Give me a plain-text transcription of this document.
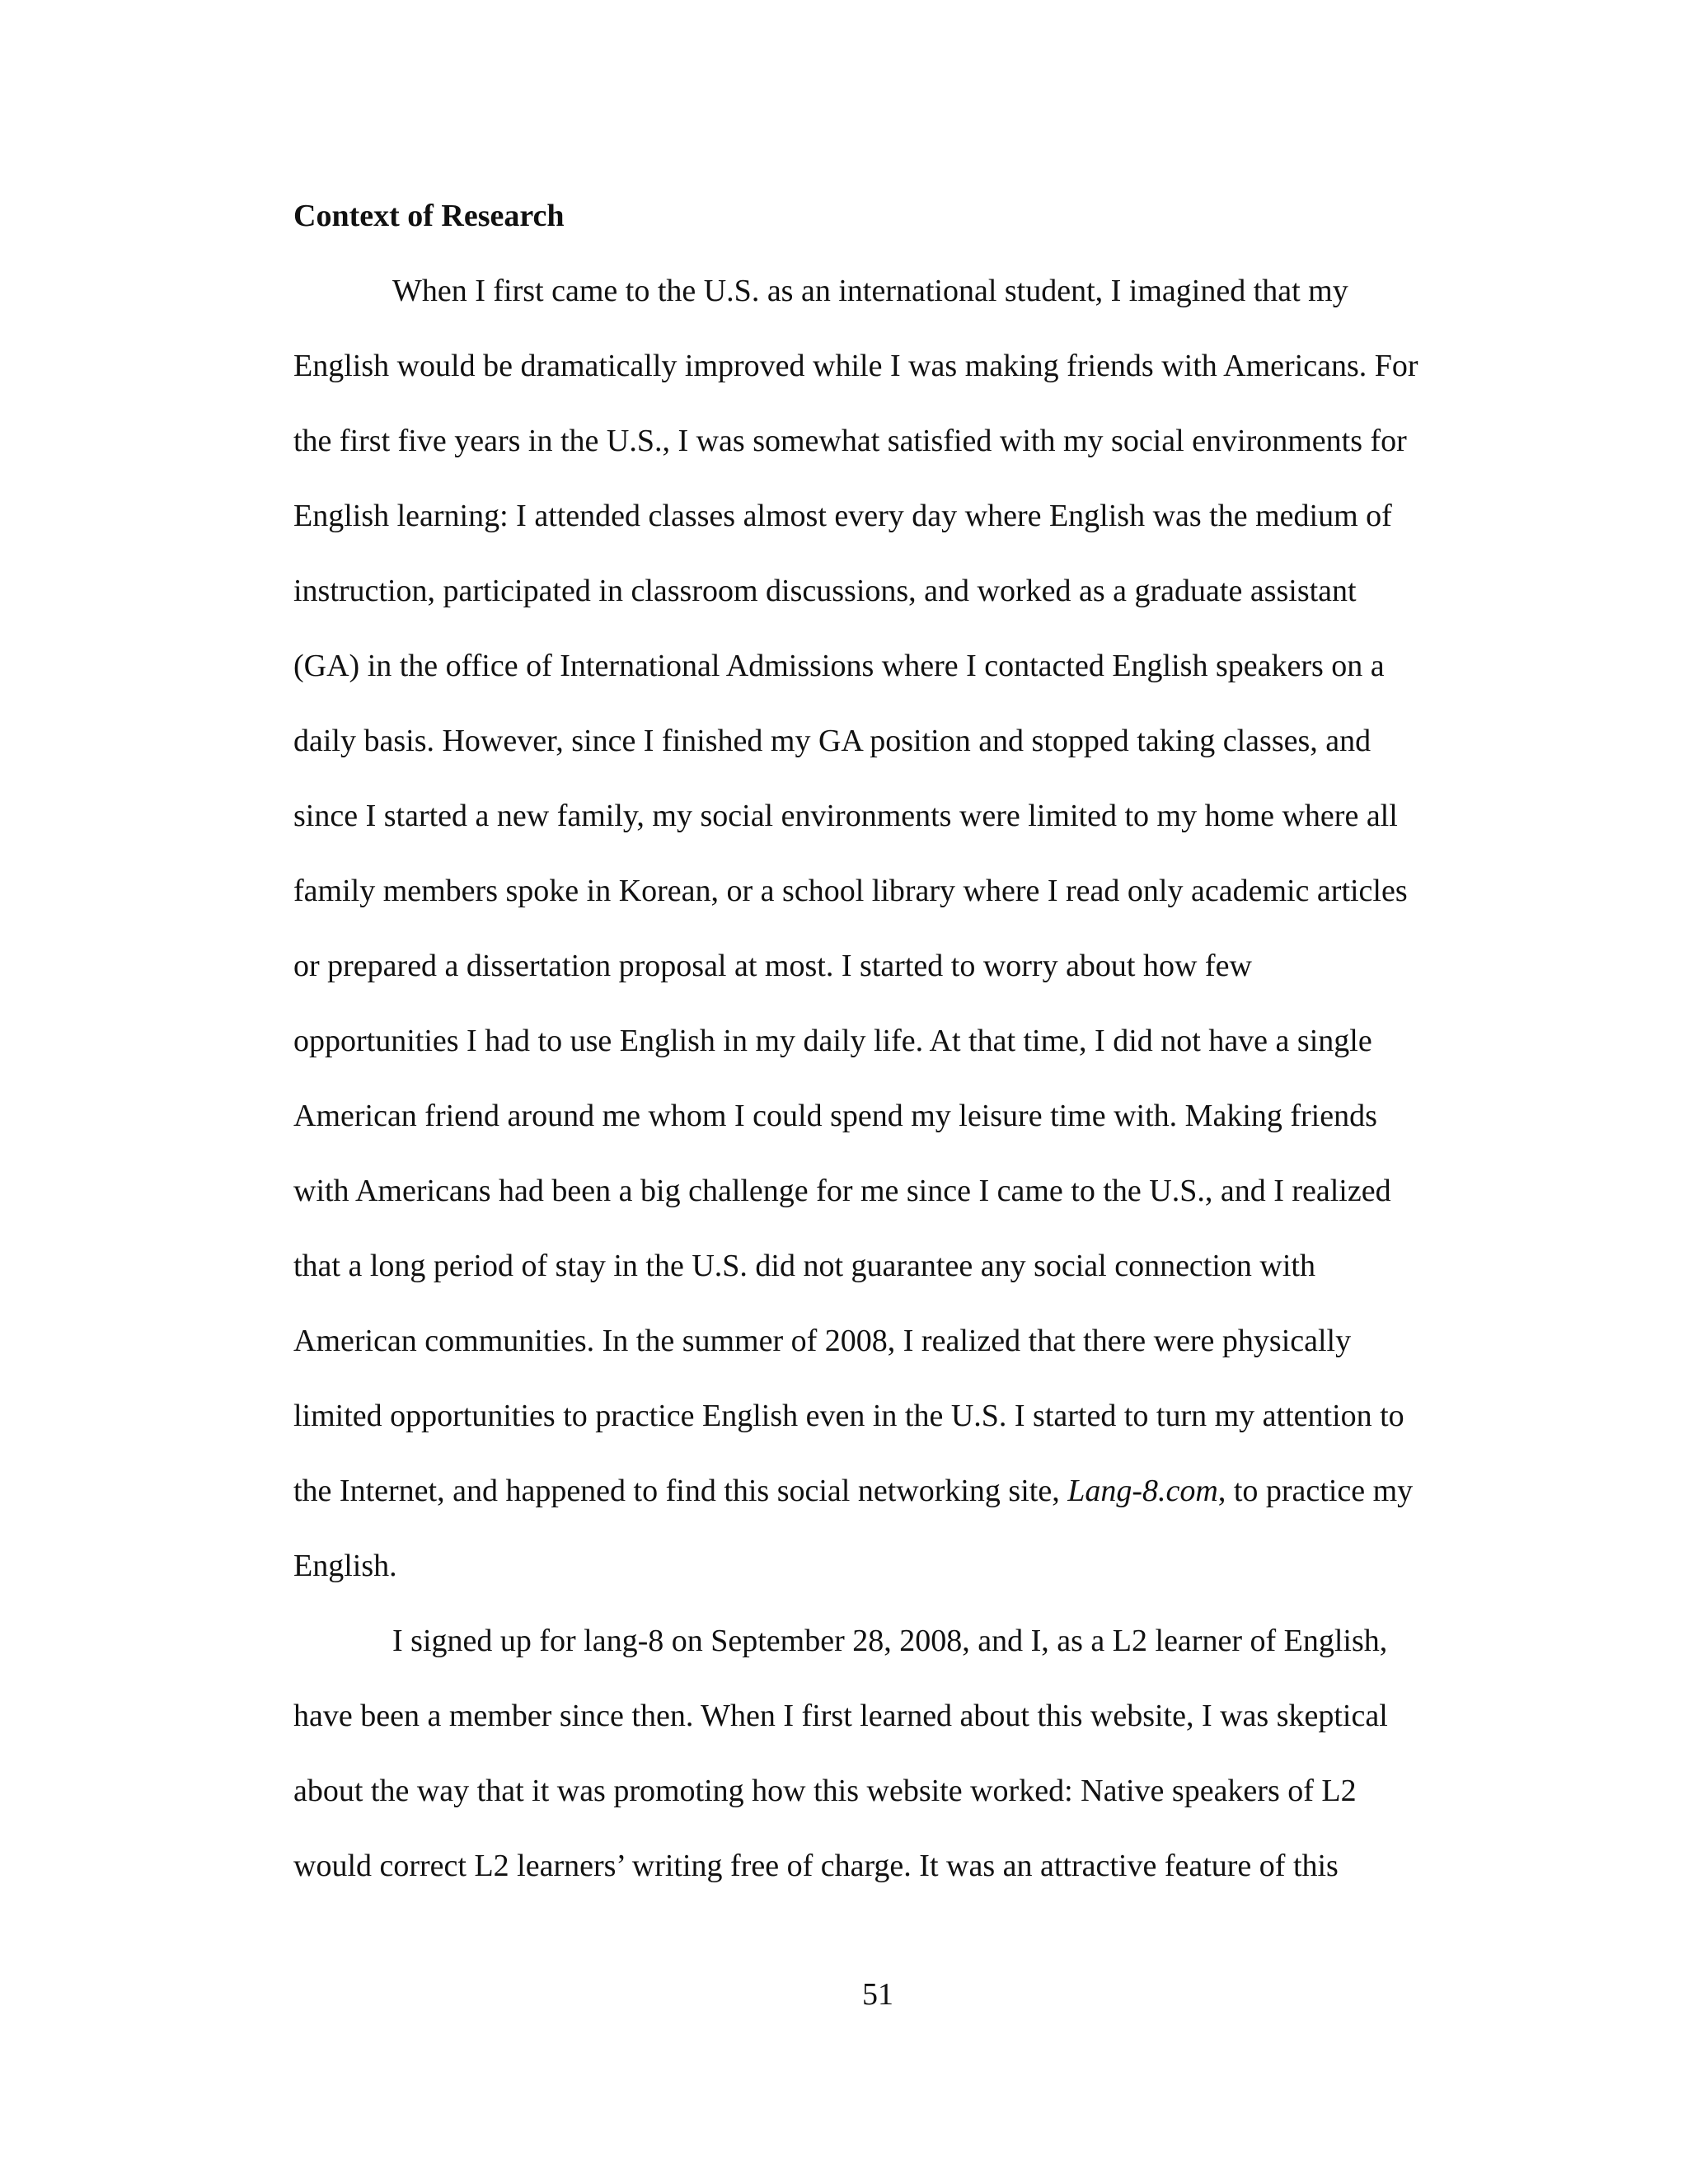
Context of Research

When I first came to the U.S. as an international student, I imagined that my

English would be dramatically improved while I was making friends with Americans. For

the first five years in the U.S., I was somewhat satisfied with my social environments for

English learning: I attended classes almost every day where English was the medium of

instruction, participated in classroom discussions, and worked as a graduate assistant

(GA) in the office of International Admissions where I contacted English speakers on a

daily basis. However, since I finished my GA position and stopped taking classes, and

since I started a new family, my social environments were limited to my home where all

family members spoke in Korean, or a school library where I read only academic articles

or prepared a dissertation proposal at most. I started to worry about how few

opportunities I had to use English in my daily life. At that time, I did not have a single

American friend around me whom I could spend my leisure time with. Making friends

with Americans had been a big challenge for me since I came to the U.S., and I realized

that a long period of stay in the U.S. did not guarantee any social connection with

American communities. In the summer of 2008, I realized that there were physically

limited opportunities to practice English even in the U.S. I started to turn my attention to

the Internet, and happened to find this social networking site, Lang-8.com, to practice my

English.

I signed up for lang-8 on September 28, 2008, and I, as a L2 learner of English,

have been a member since then. When I first learned about this website, I was skeptical

about the way that it was promoting how this website worked: Native speakers of L2

would correct L2 learners’ writing free of charge. It was an attractive feature of this

51
